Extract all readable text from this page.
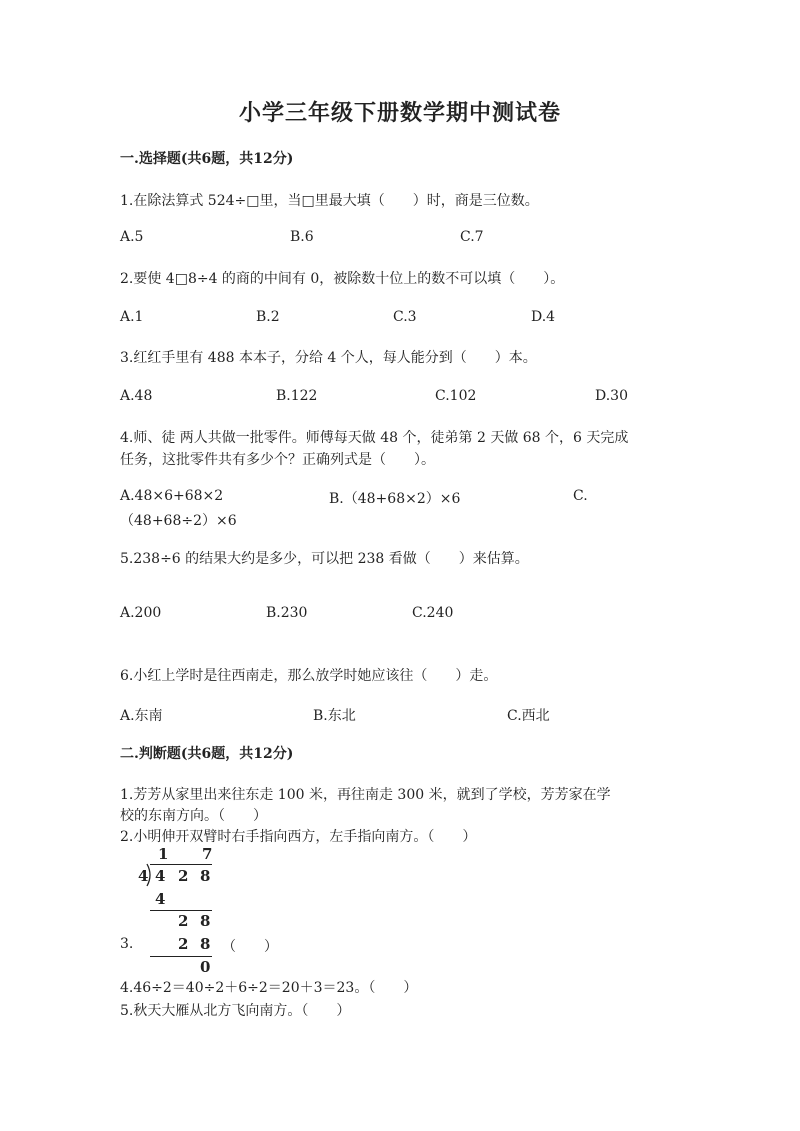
小学三年级下册数学期中测试卷
一.选择题(共6题，共12分)
1.在除法算式 524÷□里，当□里最大填（　　）时，商是三位数。
A.5	B.6	C.7
2.要使 4□8÷4 的商的中间有 0，被除数十位上的数不可以填（　　）。
A.1	B.2	C.3	D.4
3.红红手里有 488 本本子，分给 4 个人，每人能分到（　　）本。
A.48	B.122	C.102	D.30
4.师、徒 两人共做一批零件。师傅每天做 48 个，徒弟第 2 天做 68 个，6 天完成
任务，这批零件共有多少个？正确列式是（　　）。
A.48×6+68×2	B.（48+68×2）×6	C.
（48+68÷2）×6
5.238÷6 的结果大约是多少，可以把 238 看做（　　）来估算。
A.200	B.230	C.240
6.小红上学时是往西南走，那么放学时她应该往（　　）走。
A.东南	B.东北	C.西北
二.判断题(共6题，共12分)
1.芳芳从家里出来往东走 100 米，再往南走 300 米，就到了学校，芳芳家在学
校的东南方向。（　　）
2.小明伸开双臂时右手指向西方，左手指向南方。（　　）
1 7
4 4 2 8
4
2 8
3.	2 8 （　　）
0
4.46÷2＝40÷2＋6÷2＝20＋3＝23。（　　）
5.秋天大雁从北方飞向南方。（　　）
